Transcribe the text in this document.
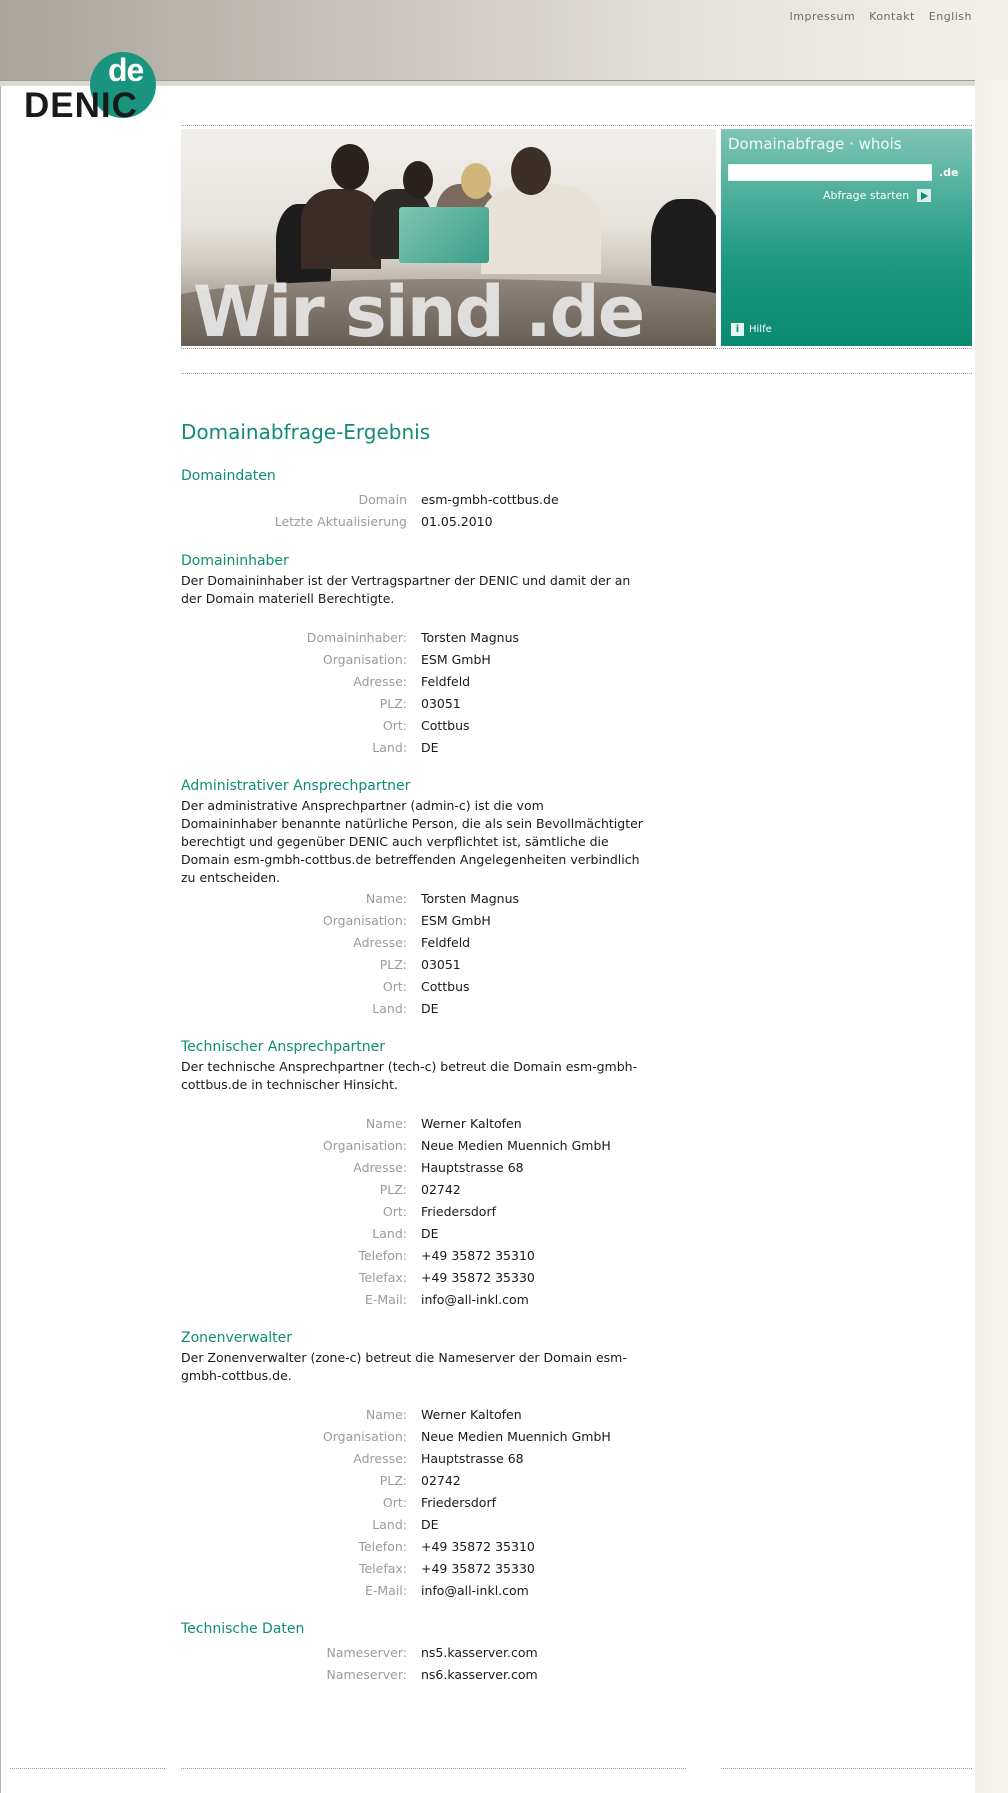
Impressum Kontakt English
de
DENIC
Wir sind .de
Domainabfrage · whois
.de
Abfrage starten
i Hilfe
Domainabfrage-Ergebnis
Domaindaten
Domain esm-gmbh-cottbus.de
Letzte Aktualisierung 01.05.2010
Domaininhaber
Der Domaininhaber ist der Vertragspartner der DENIC und damit der an der Domain materiell Berechtigte.
Domaininhaber: Torsten Magnus
Organisation: ESM GmbH
Adresse: Feldfeld
PLZ: 03051
Ort: Cottbus
Land: DE
Administrativer Ansprechpartner
Der administrative Ansprechpartner (admin-c) ist die vom Domaininhaber benannte natürliche Person, die als sein Bevollmächtigter berechtigt und gegenüber DENIC auch verpflichtet ist, sämtliche die Domain esm-gmbh-cottbus.de betreffenden Angelegenheiten verbindlich zu entscheiden.
Name: Torsten Magnus
Organisation: ESM GmbH
Adresse: Feldfeld
PLZ: 03051
Ort: Cottbus
Land: DE
Technischer Ansprechpartner
Der technische Ansprechpartner (tech-c) betreut die Domain esm-gmbh-cottbus.de in technischer Hinsicht.
Name: Werner Kaltofen
Organisation: Neue Medien Muennich GmbH
Adresse: Hauptstrasse 68
PLZ: 02742
Ort: Friedersdorf
Land: DE
Telefon: +49 35872 35310
Telefax: +49 35872 35330
E-Mail: info@all-inkl.com
Zonenverwalter
Der Zonenverwalter (zone-c) betreut die Nameserver der Domain esm-gmbh-cottbus.de.
Name: Werner Kaltofen
Organisation: Neue Medien Muennich GmbH
Adresse: Hauptstrasse 68
PLZ: 02742
Ort: Friedersdorf
Land: DE
Telefon: +49 35872 35310
Telefax: +49 35872 35330
E-Mail: info@all-inkl.com
Technische Daten
Nameserver: ns5.kasserver.com
Nameserver: ns6.kasserver.com
